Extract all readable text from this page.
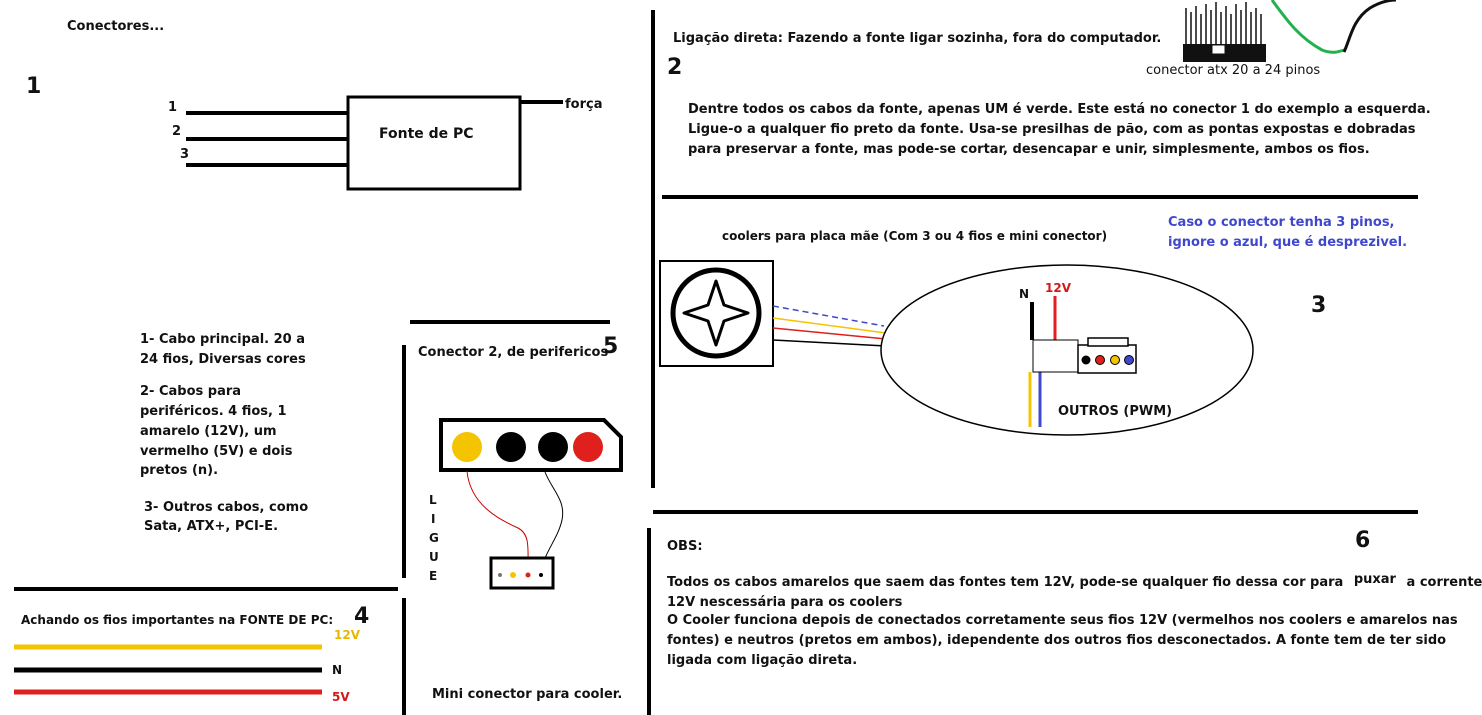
Conectores...
1
1
2
3
Fonte de PC
força
Ligação direta: Fazendo a fonte ligar sozinha, fora do computador.
2	conector atx 20 a 24 pinos
Dentre todos os cabos da fonte, apenas UM é verde. Este está no conector 1 do exemplo a esquerda.
Ligue-o a qualquer fio preto da fonte. Usa-se presilhas de pão, com as pontas expostas e dobradas
para preservar a fonte, mas pode-se cortar, desencapar e unir, simplesmente, ambos os fios.
coolers para placa mãe (Com 3 ou 4 fios e mini conector)
Caso o conector tenha 3 pinos,
ignore o azul, que é desprezivel.
3
N 12V
OUTROS (PWM)
1- Cabo principal. 20 a
24 fios, Diversas cores
2- Cabos para
periféricos. 4 fios, 1
amarelo (12V), um
vermelho (5V) e dois
pretos (n).
3- Outros cabos, como
Sata, ATX+, PCI-E.
Achando os fios importantes na FONTE DE PC: 4
12V
N
5V
Conector 2, de perifericos
5
L
I
G
U
E
Mini conector para cooler.
OBS:	6
Todos os cabos amarelos que saem das fontes tem 12V, pode-se qualquer fio dessa cor para puxar a corrente
12V nescessária para os coolers
O Cooler funciona depois de conectados corretamente seus fios 12V (vermelhos nos coolers e amarelos nas
fontes) e neutros (pretos em ambos), idependente dos outros fios desconectados. A fonte tem de ter sido
ligada com ligação direta.
